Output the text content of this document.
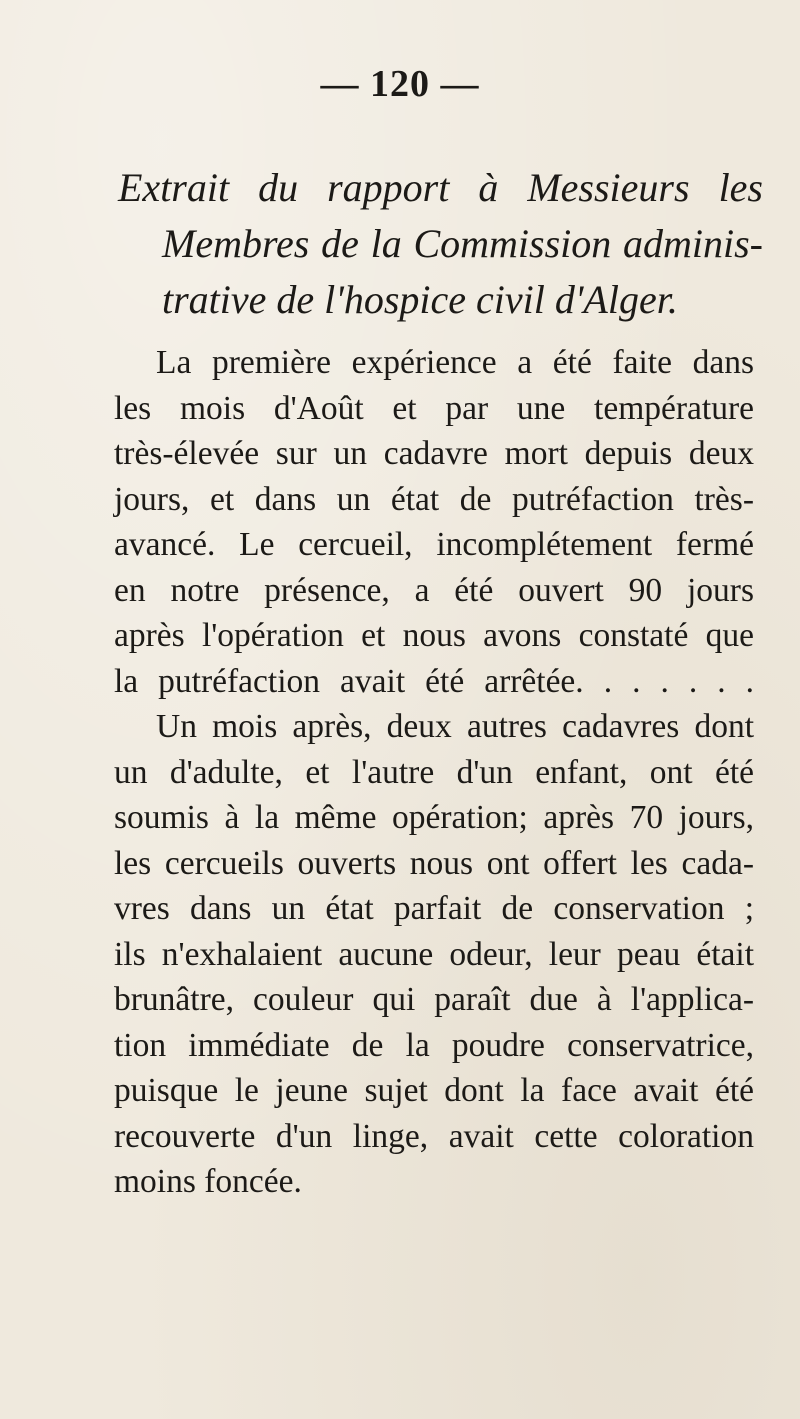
— 120 —
Extrait du rapport à Messieurs les
Membres de la Commission adminis-
trative de l'hospice civil d'Alger.
La première expérience a été faite dans
les mois d'Août et par une température
très-élevée sur un cadavre mort depuis deux
jours, et dans un état de putréfaction très-
avancé. Le cercueil, incomplétement fermé
en notre présence, a été ouvert 90 jours
après l'opération et nous avons constaté que
la putréfaction avait été arrêtée. . . . . . .
Un mois après, deux autres cadavres dont
un d'adulte, et l'autre d'un enfant, ont été
soumis à la même opération; après 70 jours,
les cercueils ouverts nous ont offert les cada-
vres dans un état parfait de conservation ;
ils n'exhalaient aucune odeur, leur peau était
brunâtre, couleur qui paraît due à l'applica-
tion immédiate de la poudre conservatrice,
puisque le jeune sujet dont la face avait été
recouverte d'un linge, avait cette coloration
moins foncée.
